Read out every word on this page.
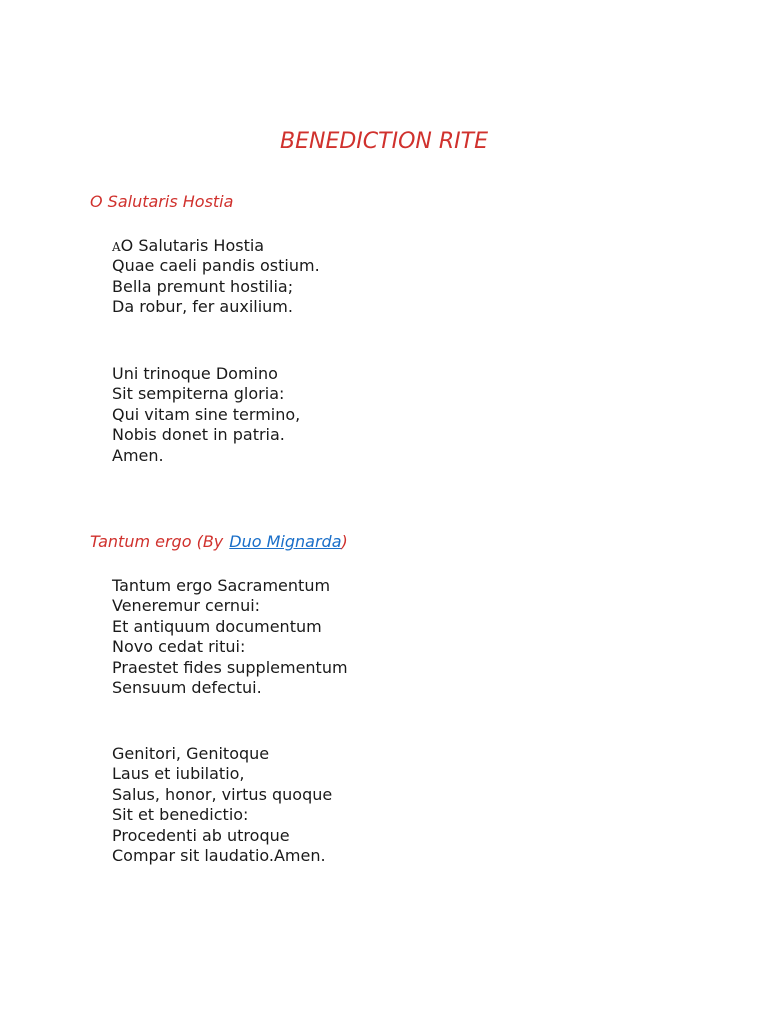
BENEDICTION RITE
O Salutaris Hostia
AO Salutaris Hostia
Quae caeli pandis ostium.
Bella premunt hostilia;
Da robur, fer auxilium.
Uni trinoque Domino
Sit sempiterna gloria:
Qui vitam sine termino,
Nobis donet in patria.
Amen.
Tantum ergo (By Duo Mignarda)
Tantum ergo Sacramentum
Veneremur cernui:
Et antiquum documentum
Novo cedat ritui:
Praestet fides supplementum
Sensuum defectui.
Genitori, Genitoque
Laus et iubilatio,
Salus, honor, virtus quoque
Sit et benedictio:
Procedenti ab utroque
Compar sit laudatio.Amen.
